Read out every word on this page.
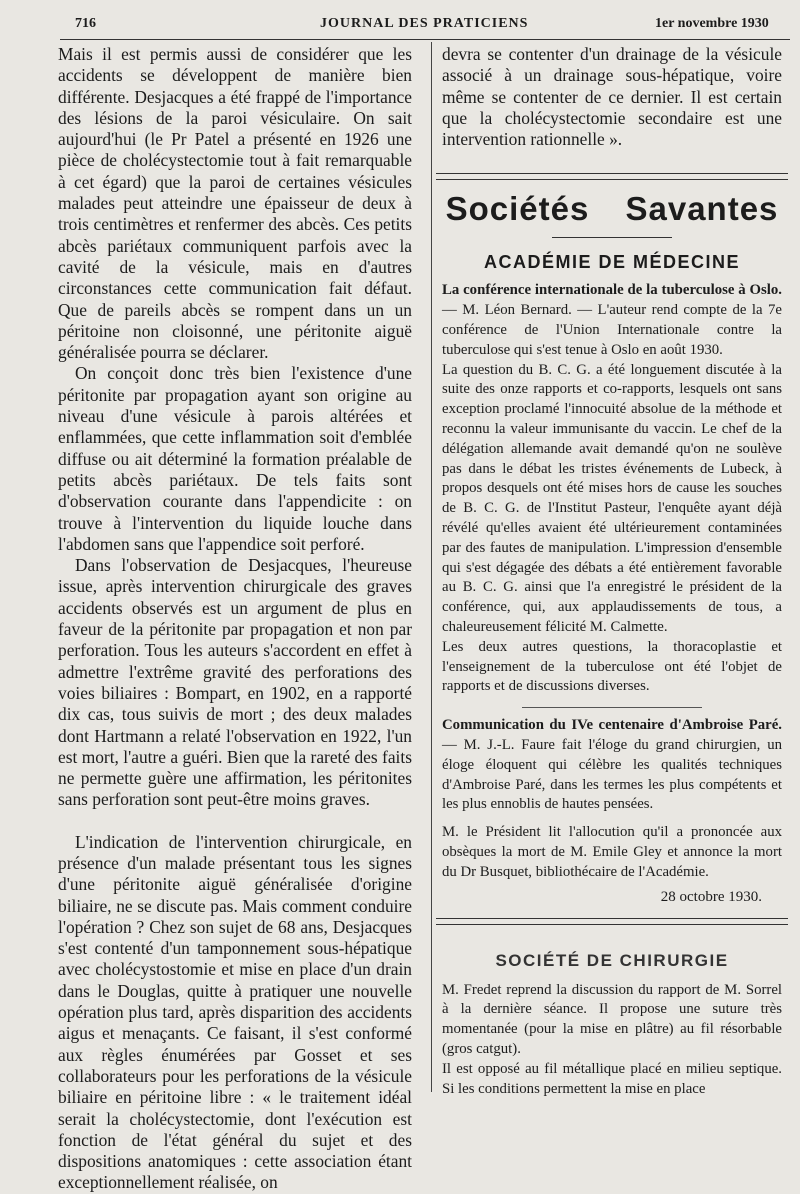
716	JOURNAL DES PRATICIENS	1er novembre 1930

Mais il est permis aussi de considérer que les accidents se développent de manière bien différente. Desjacques a été frappé de l'importance des lésions de la paroi vésiculaire. On sait aujourd'hui (le Pr Patel a présenté en 1926 une pièce de cholécystectomie tout à fait remarquable à cet égard) que la paroi de certaines vésicules malades peut atteindre une épaisseur de deux à trois centimètres et renfermer des abcès. Ces petits abcès pariétaux communiquent parfois avec la cavité de la vésicule, mais en d'autres circonstances cette communication fait défaut. Que de pareils abcès se rompent dans un un péritoine non cloisonné, une péritonite aiguë généralisée pourra se déclarer.

On conçoit donc très bien l'existence d'une péritonite par propagation ayant son origine au niveau d'une vésicule à parois altérées et enflammées, que cette inflammation soit d'emblée diffuse ou ait déterminé la formation préalable de petits abcès pariétaux. De tels faits sont d'observation courante dans l'appendicite : on trouve à l'intervention du liquide louche dans l'abdomen sans que l'appendice soit perforé.

Dans l'observation de Desjacques, l'heureuse issue, après intervention chirurgicale des graves accidents observés est un argument de plus en faveur de la péritonite par propagation et non par perforation. Tous les auteurs s'accordent en effet à admettre l'extrême gravité des perforations des voies biliaires : Bompart, en 1902, en a rapporté dix cas, tous suivis de mort ; des deux malades dont Hartmann a relaté l'observation en 1922, l'un est mort, l'autre a guéri. Bien que la rareté des faits ne permette guère une affirmation, les péritonites sans perforation sont peut-être moins graves.

L'indication de l'intervention chirurgicale, en présence d'un malade présentant tous les signes d'une péritonite aiguë généralisée d'origine biliaire, ne se discute pas. Mais comment conduire l'opération ? Chez son sujet de 68 ans, Desjacques s'est contenté d'un tamponnement sous-hépatique avec cholécystostomie et mise en place d'un drain dans le Douglas, quitte à pratiquer une nouvelle opération plus tard, après disparition des accidents aigus et menaçants. Ce faisant, il s'est conformé aux règles énumérées par Gosset et ses collaborateurs pour les perforations de la vésicule biliaire en péritoine libre : « le traitement idéal serait la cholécystectomie, dont l'exécution est fonction de l'état général du sujet et des dispositions anatomiques : cette association étant exceptionnellement réalisée, on

devra se contenter d'un drainage de la vésicule associé à un drainage sous-hépatique, voire même se contenter de ce dernier. Il est certain que la cholécystectomie secondaire est une intervention rationnelle ».

Sociétés Savantes
ACADÉMIE DE MÉDECINE

La conférence internationale de la tuberculose à Oslo. — M. Léon Bernard. — L'auteur rend compte de la 7e conférence de l'Union Internationale contre la tuberculose qui s'est tenue à Oslo en août 1930.

La question du B. C. G. a été longuement discutée à la suite des onze rapports et co-rapports, lesquels ont sans exception proclamé l'innocuité absolue de la méthode et reconnu la valeur immunisante du vaccin. Le chef de la délégation allemande avait demandé qu'on ne soulève pas dans le débat les tristes événements de Lubeck, à propos desquels ont été mises hors de cause les souches de B. C. G. de l'Institut Pasteur, l'enquête ayant déjà révélé qu'elles avaient été ultérieurement contaminées par des fautes de manipulation. L'impression d'ensemble qui s'est dégagée des débats a été entièrement favorable au B. C. G. ainsi que l'a enregistré le président de la conférence, qui, aux applaudissements de tous, a chaleureusement félicité M. Calmette.

Les deux autres questions, la thoracoplastie et l'enseignement de la tuberculose ont été l'objet de rapports et de discussions diverses.

Communication du IVe centenaire d'Ambroise Paré. — M. J.-L. Faure fait l'éloge du grand chirurgien, un éloge éloquent qui célèbre les qualités techniques d'Ambroise Paré, dans les termes les plus compétents et les plus ennoblis de hautes pensées.

M. le Président lit l'allocution qu'il a prononcée aux obsèques la mort de M. Emile Gley et annonce la mort du Dr Busquet, bibliothécaire de l'Académie.

28 octobre 1930.
SOCIÉTÉ DE CHIRURGIE

M. Fredet reprend la discussion du rapport de M. Sorrel à la dernière séance. Il propose une suture très momentanée (pour la mise en plâtre) au fil résorbable (gros catgut).

Il est opposé au fil métallique placé en milieu septique. Si les conditions permettent la mise en place
